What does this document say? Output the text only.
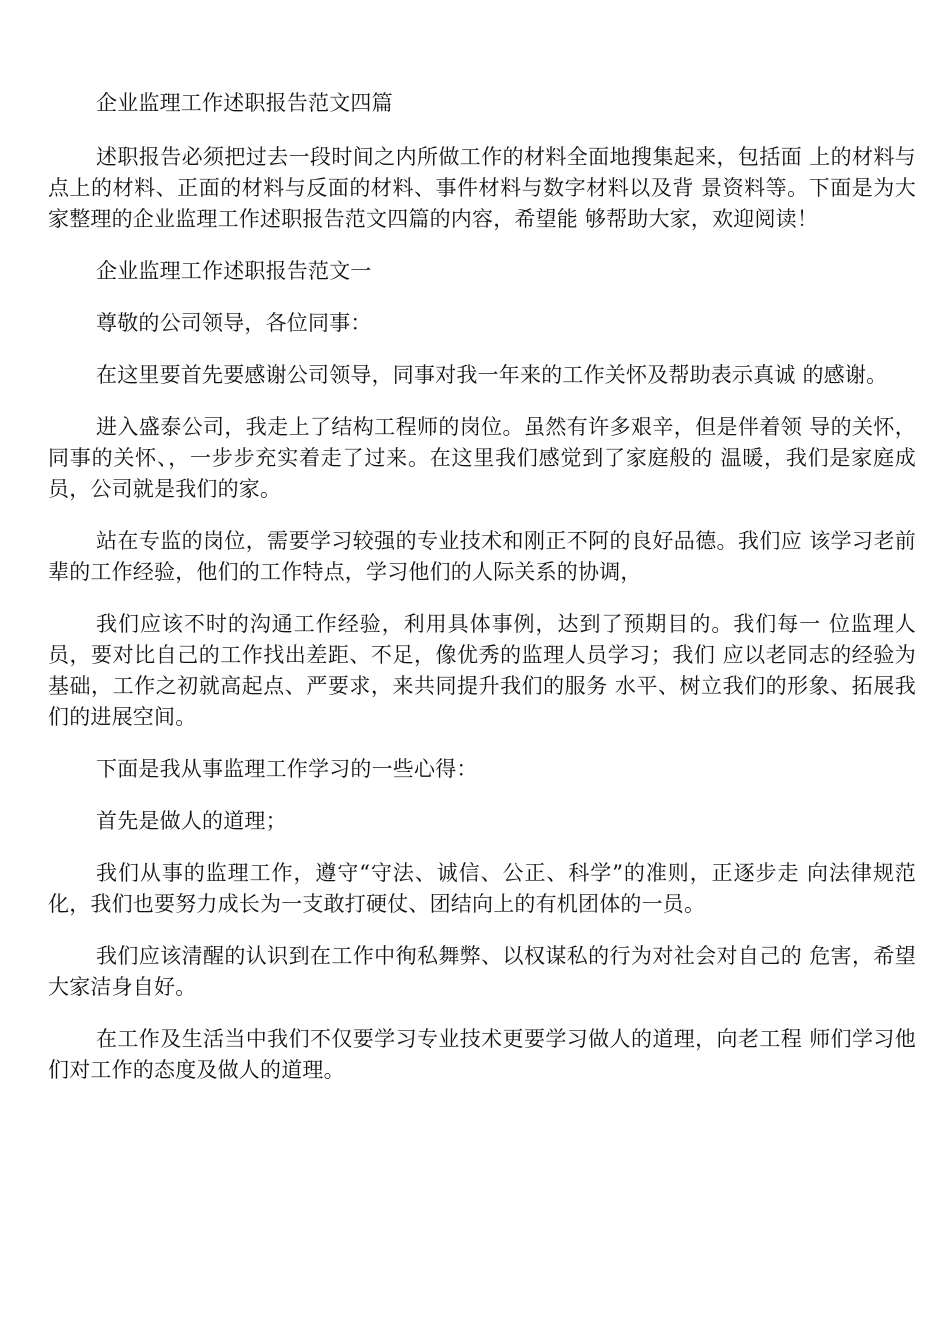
企业监理工作述职报告范文四篇

述职报告必须把过去一段时间之内所做工作的材料全面地搜集起来，包括面 上的材料与点上的材料、正面的材料与反面的材料、事件材料与数字材料以及背 景资料等。下面是为大家整理的企业监理工作述职报告范文四篇的内容，希望能 够帮助大家，欢迎阅读！

企业监理工作述职报告范文一

尊敬的公司领导，各位同事：

在这里要首先要感谢公司领导，同事对我一年来的工作关怀及帮助表示真诚 的感谢。

进入盛泰公司，我走上了结构工程师的岗位。虽然有许多艰辛，但是伴着领 导的关怀，同事的关怀、，一步步充实着走了过来。在这里我们感觉到了家庭般的 温暖，我们是家庭成员，公司就是我们的家。

站在专监的岗位，需要学习较强的专业技术和刚正不阿的良好品德。我们应 该学习老前辈的工作经验，他们的工作特点，学习他们的人际关系的协调，

我们应该不时的沟通工作经验，利用具体事例，达到了预期目的。我们每一 位监理人员，要对比自己的工作找出差距、不足，像优秀的监理人员学习；我们 应以老同志的经验为基础，工作之初就高起点、严要求，来共同提升我们的服务 水平、树立我们的形象、拓展我们的进展空间。

下面是我从事监理工作学习的一些心得：

首先是做人的道理；

我们从事的监理工作，遵守“守法、诚信、公正、科学”的准则，正逐步走 向法律规范化，我们也要努力成长为一支敢打硬仗、团结向上的有机团体的一员。

我们应该清醒的认识到在工作中徇私舞弊、以权谋私的行为对社会对自己的 危害，希望大家洁身自好。

在工作及生活当中我们不仅要学习专业技术更要学习做人的道理，向老工程 师们学习他们对工作的态度及做人的道理。
